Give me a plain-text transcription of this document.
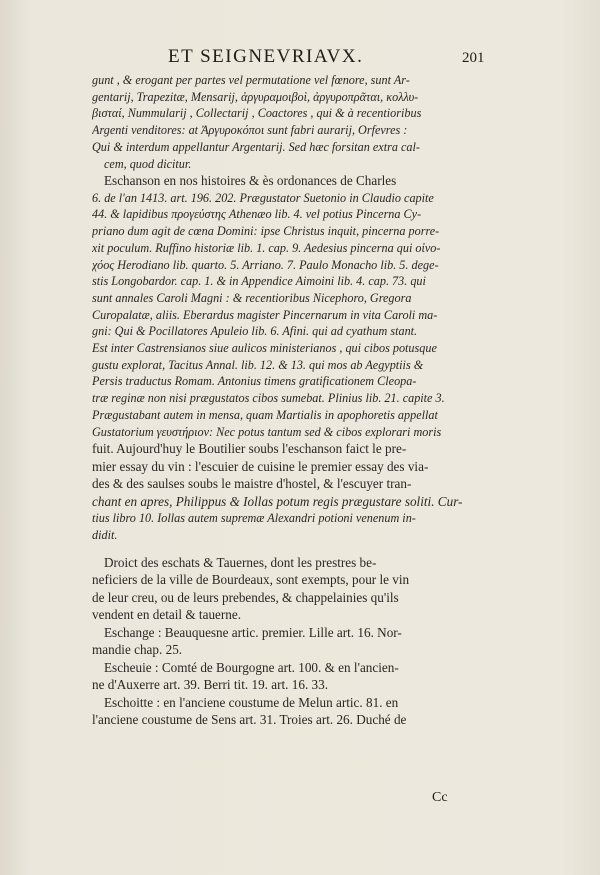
ET SEIGNEVRIAVX.	201
gunt , & erogant per partes vel permutatione vel fœnore, sunt Ar-
gentarij, Trapezitæ, Mensarij, ἀργυραμοιβοὶ, ἀργυροπρᾶται, κολλυ-
βισταί, Nummularij , Collectarij , Coactores , qui & à recentioribus
Argenti venditores: at Ἀργυροκόποι sunt fabri aurarij, Orfevres :
Qui & interdum appellantur Argentarij. Sed hæc forsitan extra cal-
cem, quod dicitur.
Eschanson en nos histoires & ès ordonances de Charles
6. de l'an 1413. art. 196. 202. Prægustator Suetonio in Claudio capite
44. & lapidibus προγεύστης Athenæo lib. 4. vel potius Pincerna Cy-
priano dum agit de cœna Domini: ipse Christus inquit, pincerna porre-
xit poculum. Ruffino historiæ lib. 1. cap. 9. Aedesius pincerna qui οἰνο-
χόος Herodiano lib. quarto. 5. Arriano. 7. Paulo Monacho lib. 5. dege-
stis Longobardor. cap. 1. & in Appendice Aimoini lib. 4. cap. 73. qui
sunt annales Caroli Magni : & recentioribus Nicephoro, Gregora
Curopalatæ, aliis. Eberardus magister Pincernarum in vita Caroli ma-
gni: Qui & Pocillatores Apuleio lib. 6. Afini. qui ad cyathum stant.
Est inter Castrensianos siue aulicos ministerianos , qui cibos potusque
gustu explorat, Tacitus Annal. lib. 12. & 13. qui mos ab Aegyptiis &
Persis traductus Romam. Antonius timens gratificationem Cleopa-
træ reginæ non nisi prægustatos cibos sumebat. Plinius lib. 21. capite 3.
Prægustabant autem in mensa, quam Martialis in apophoretis appellat
Gustatorium γευστήριον: Nec potus tantum sed & cibos explorari moris
fuit. Aujourd'huy le Boutilier soubs l'eschanson faict le pre-
mier essay du vin : l'escuier de cuisine le premier essay des via-
des & des saulses soubs le maistre d'hostel, & l'escuyer tran-
chant en apres, Philippus & Iollas potum regis prægustare soliti. Cur-
tius libro 10. Iollas autem supremæ Alexandri potioni venenum in-
didit.
Droict des eschats & Tauernes, dont les prestres be-
neficiers de la ville de Bourdeaux, sont exempts, pour le vin
de leur creu, ou de leurs prebendes, & chappelainies qu'ils
vendent en detail & tauerne.
Eschange : Beauquesne artic. premier. Lille art. 16. Nor-
mandie chap. 25.
Escheuie : Comté de Bourgogne art. 100. & en l'ancien-
ne d'Auxerre art. 39. Berri tit. 19. art. 16. 33.
Eschoitte : en l'anciene coustume de Melun artic. 81. en
l'anciene coustume de Sens art. 31. Troies art. 26. Duché de
Cc
